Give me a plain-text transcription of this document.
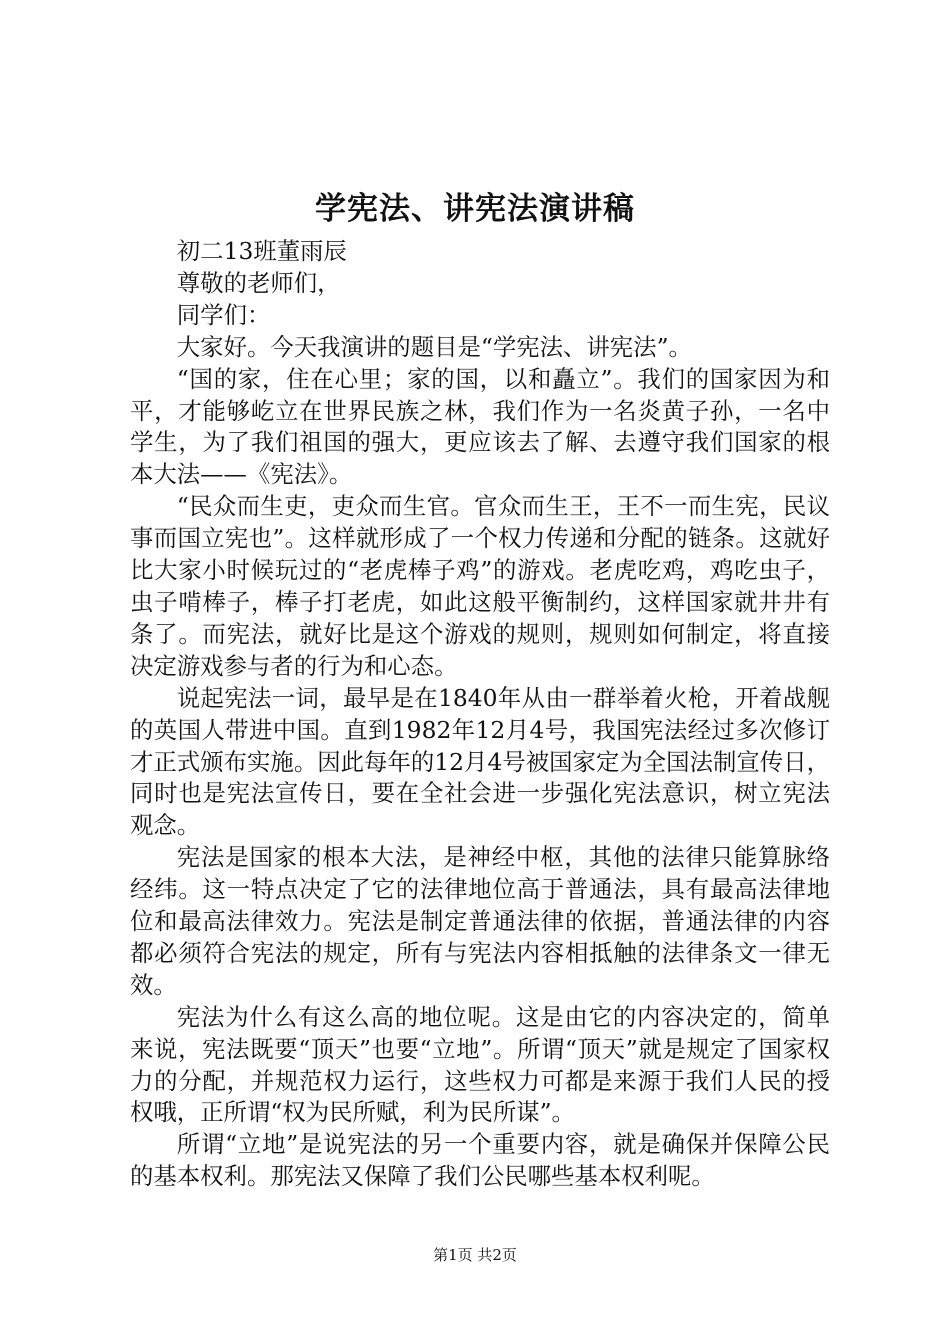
学宪法、讲宪法演讲稿

初二13班董雨辰

尊敬的老师们，

同学们：

大家好。今天我演讲的题目是“学宪法、讲宪法”。

“国的家，住在心里；家的国，以和矗立”。我们的国家因为和平，才能够屹立在世界民族之林，我们作为一名炎黄子孙，一名中学生，为了我们祖国的强大，更应该去了解、去遵守我们国家的根本大法——《宪法》。

“民众而生吏，吏众而生官。官众而生王，王不一而生宪，民议事而国立宪也”。这样就形成了一个权力传递和分配的链条。这就好比大家小时候玩过的“老虎棒子鸡”的游戏。老虎吃鸡，鸡吃虫子，虫子啃棒子，棒子打老虎，如此这般平衡制约，这样国家就井井有条了。而宪法，就好比是这个游戏的规则，规则如何制定，将直接决定游戏参与者的行为和心态。

说起宪法一词，最早是在1840年从由一群举着火枪，开着战舰的英国人带进中国。直到1982年12月4号，我国宪法经过多次修订才正式颁布实施。因此每年的12月4号被国家定为全国法制宣传日，同时也是宪法宣传日，要在全社会进一步强化宪法意识，树立宪法观念。

宪法是国家的根本大法，是神经中枢，其他的法律只能算脉络经纬。这一特点决定了它的法律地位高于普通法，具有最高法律地位和最高法律效力。宪法是制定普通法律的依据，普通法律的内容都必须符合宪法的规定，所有与宪法内容相抵触的法律条文一律无效。

宪法为什么有这么高的地位呢。这是由它的内容决定的，简单来说，宪法既要“顶天”也要“立地”。所谓“顶天”就是规定了国家权力的分配，并规范权力运行，这些权力可都是来源于我们人民的授权哦，正所谓“权为民所赋，利为民所谋”。

所谓“立地”是说宪法的另一个重要内容，就是确保并保障公民的基本权利。那宪法又保障了我们公民哪些基本权利呢。

第1页 共2页
